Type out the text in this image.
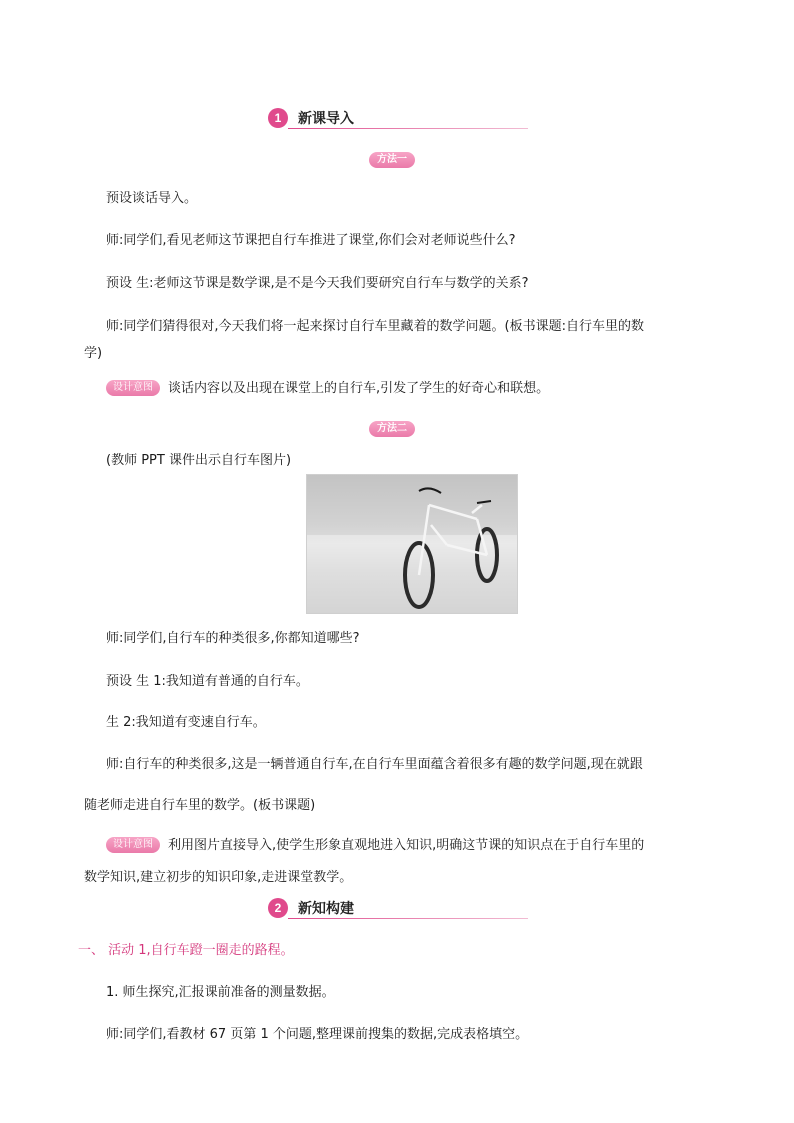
1	新课导入
方法一
预设谈话导入。
师:同学们,看见老师这节课把自行车推进了课堂,你们会对老师说些什么?
预设 生:老师这节课是数学课,是不是今天我们要研究自行车与数学的关系?
师:同学们猜得很对,今天我们将一起来探讨自行车里藏着的数学问题。(板书课题:自行车里的数
学)
设计意图	谈话内容以及出现在课堂上的自行车,引发了学生的好奇心和联想。
方法二
(教师 PPT 课件出示自行车图片)
师:同学们,自行车的种类很多,你都知道哪些?
预设 生 1:我知道有普通的自行车。
生 2:我知道有变速自行车。
师:自行车的种类很多,这是一辆普通自行车,在自行车里面蕴含着很多有趣的数学问题,现在就跟
随老师走进自行车里的数学。(板书课题)
设计意图	利用图片直接导入,使学生形象直观地进入知识,明确这节课的知识点在于自行车里的
数学知识,建立初步的知识印象,走进课堂教学。
2	新知构建
一、 活动 1,自行车蹬一圈走的路程。
1. 师生探究,汇报课前准备的测量数据。
师:同学们,看教材 67 页第 1 个问题,整理课前搜集的数据,完成表格填空。
